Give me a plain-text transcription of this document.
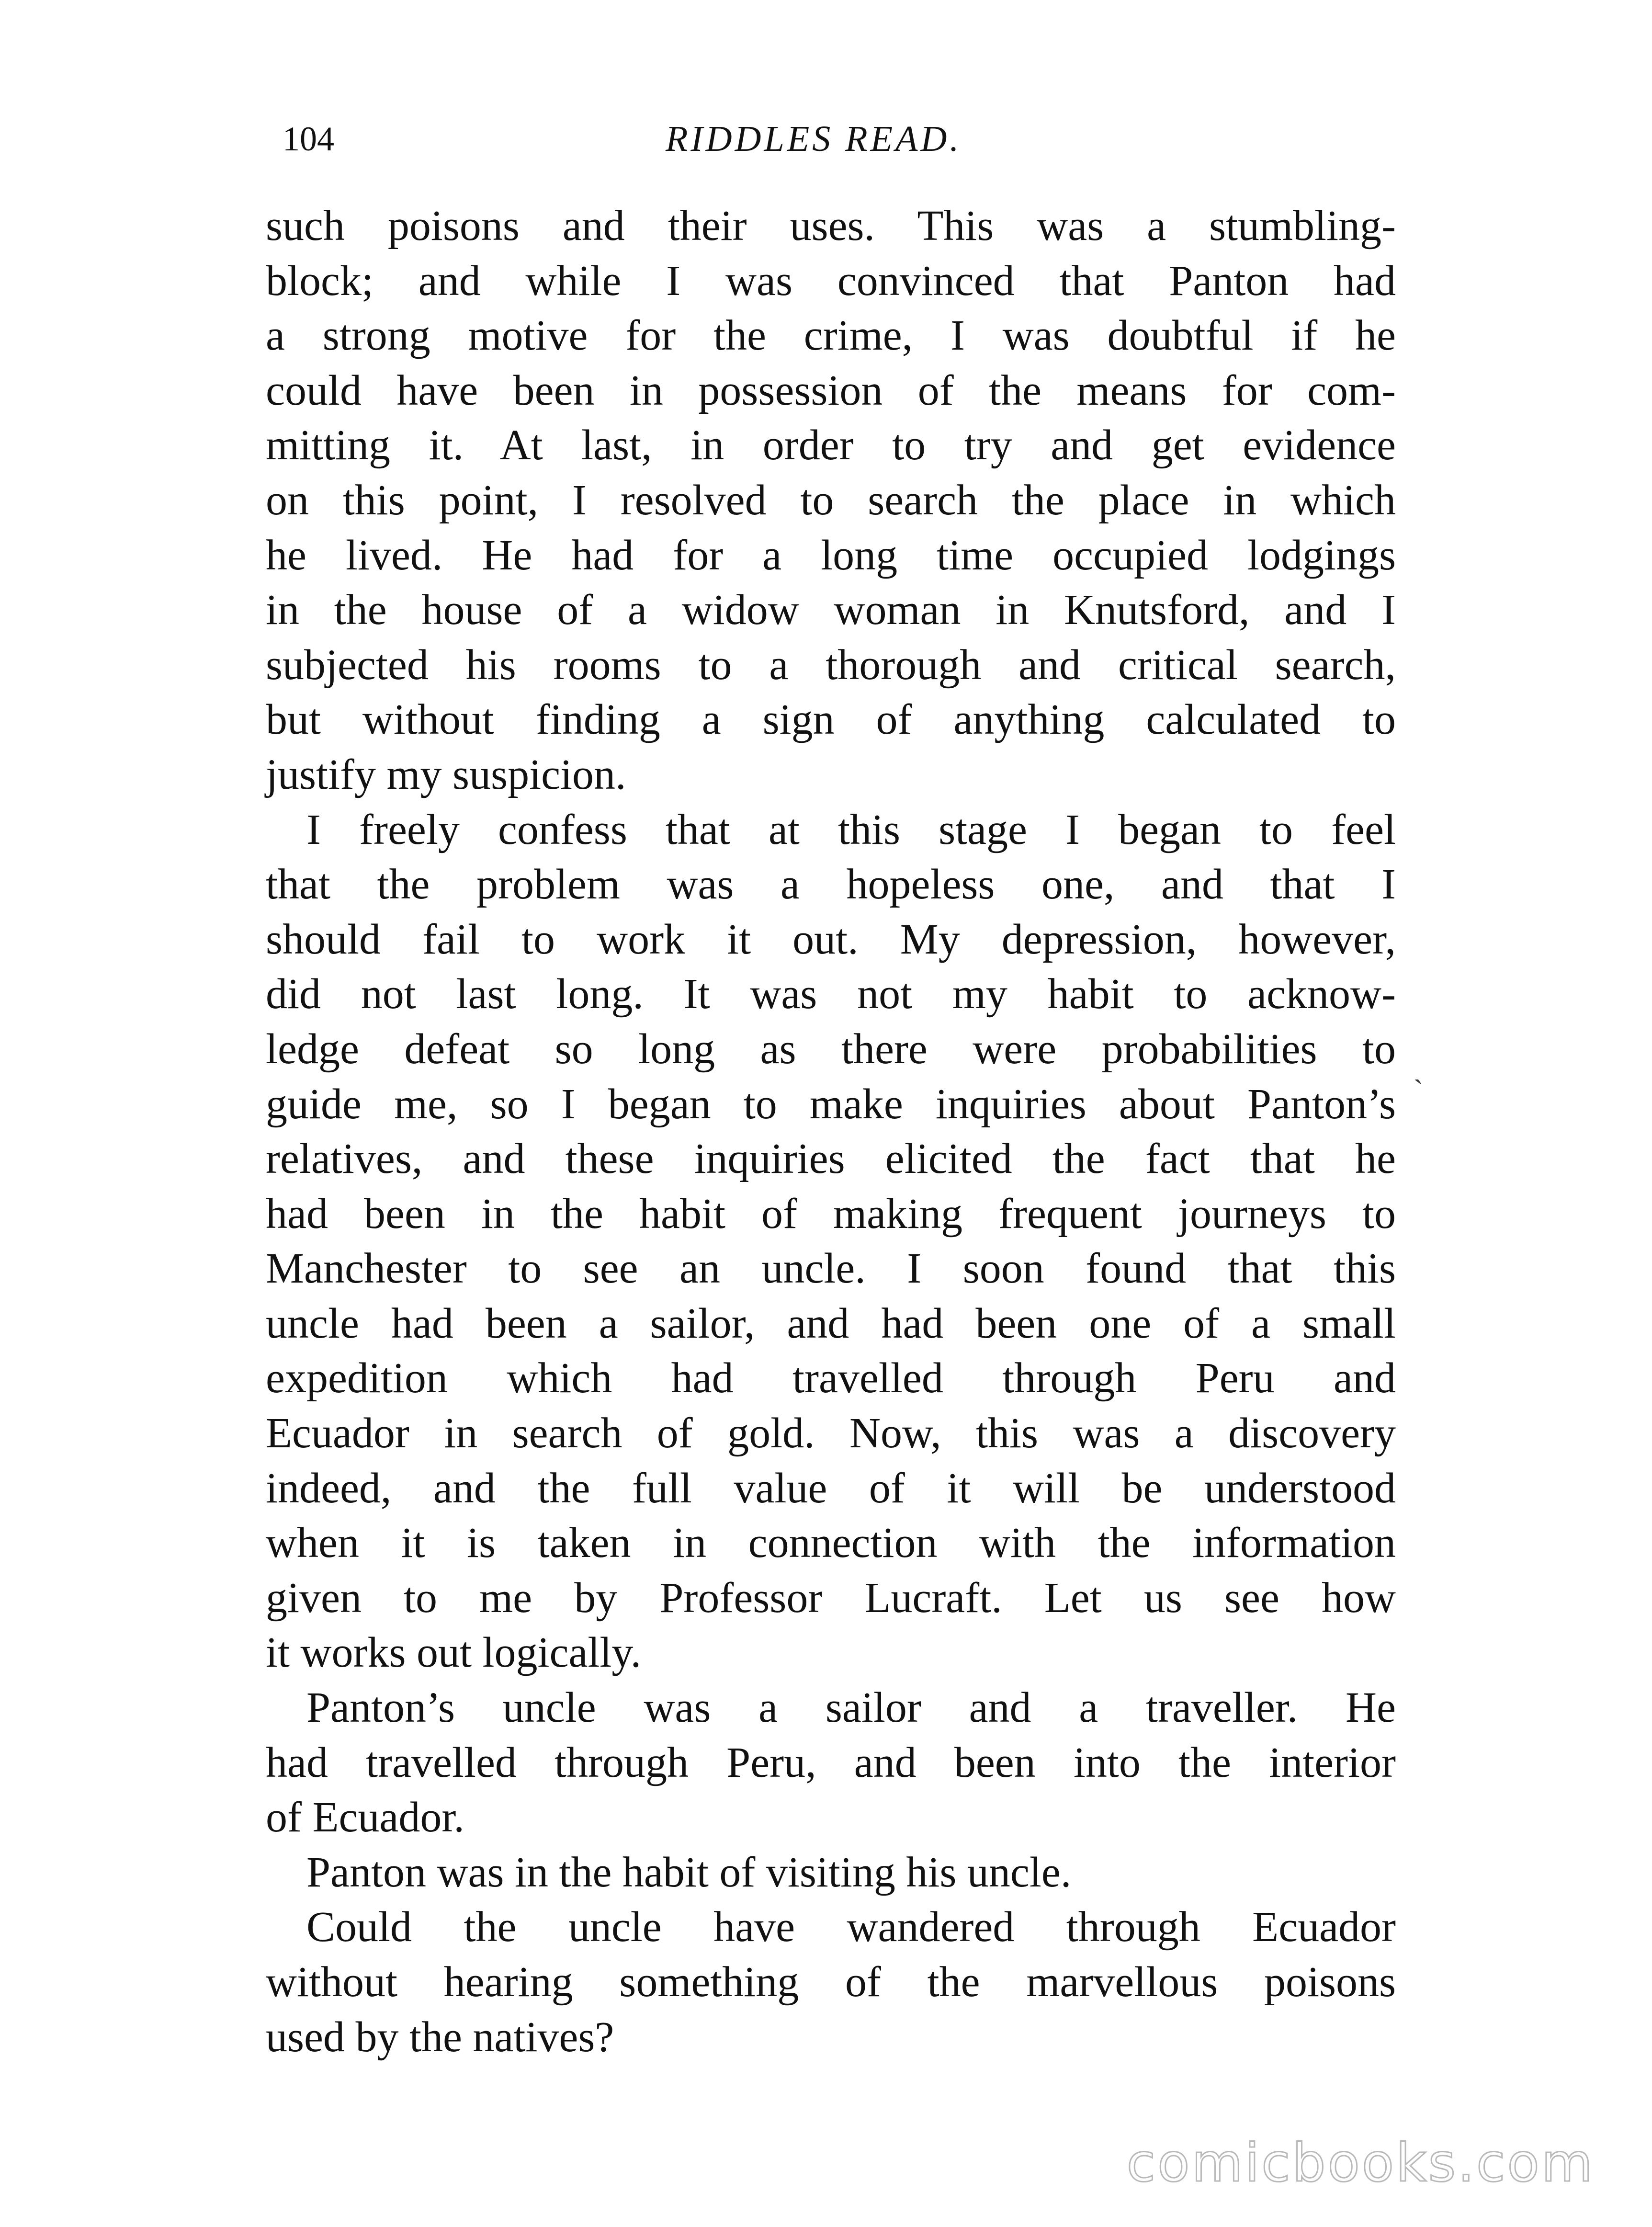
104	RIDDLES READ.
such poisons and their uses. This was a stumbling-
block; and while I was convinced that Panton had
a strong motive for the crime, I was doubtful if he
could have been in possession of the means for com-
mitting it. At last, in order to try and get evidence
on this point, I resolved to search the place in which
he lived. He had for a long time occupied lodgings
in the house of a widow woman in Knutsford, and I
subjected his rooms to a thorough and critical search,
but without finding a sign of anything calculated to
justify my suspicion.
I freely confess that at this stage I began to feel
that the problem was a hopeless one, and that I
should fail to work it out. My depression, however,
did not last long. It was not my habit to acknow-
ledge defeat so long as there were probabilities to
guide me, so I began to make inquiries about Panton’s
relatives, and these inquiries elicited the fact that he
had been in the habit of making frequent journeys to
Manchester to see an uncle. I soon found that this
uncle had been a sailor, and had been one of a small
expedition which had travelled through Peru and
Ecuador in search of gold. Now, this was a discovery
indeed, and the full value of it will be understood
when it is taken in connection with the information
given to me by Professor Lucraft. Let us see how
it works out logically.
Panton’s uncle was a sailor and a traveller. He
had travelled through Peru, and been into the interior
of Ecuador.
Panton was in the habit of visiting his uncle.
Could the uncle have wandered through Ecuador
without hearing something of the marvellous poisons
used by the natives?
ˏ
comicbooks.com
